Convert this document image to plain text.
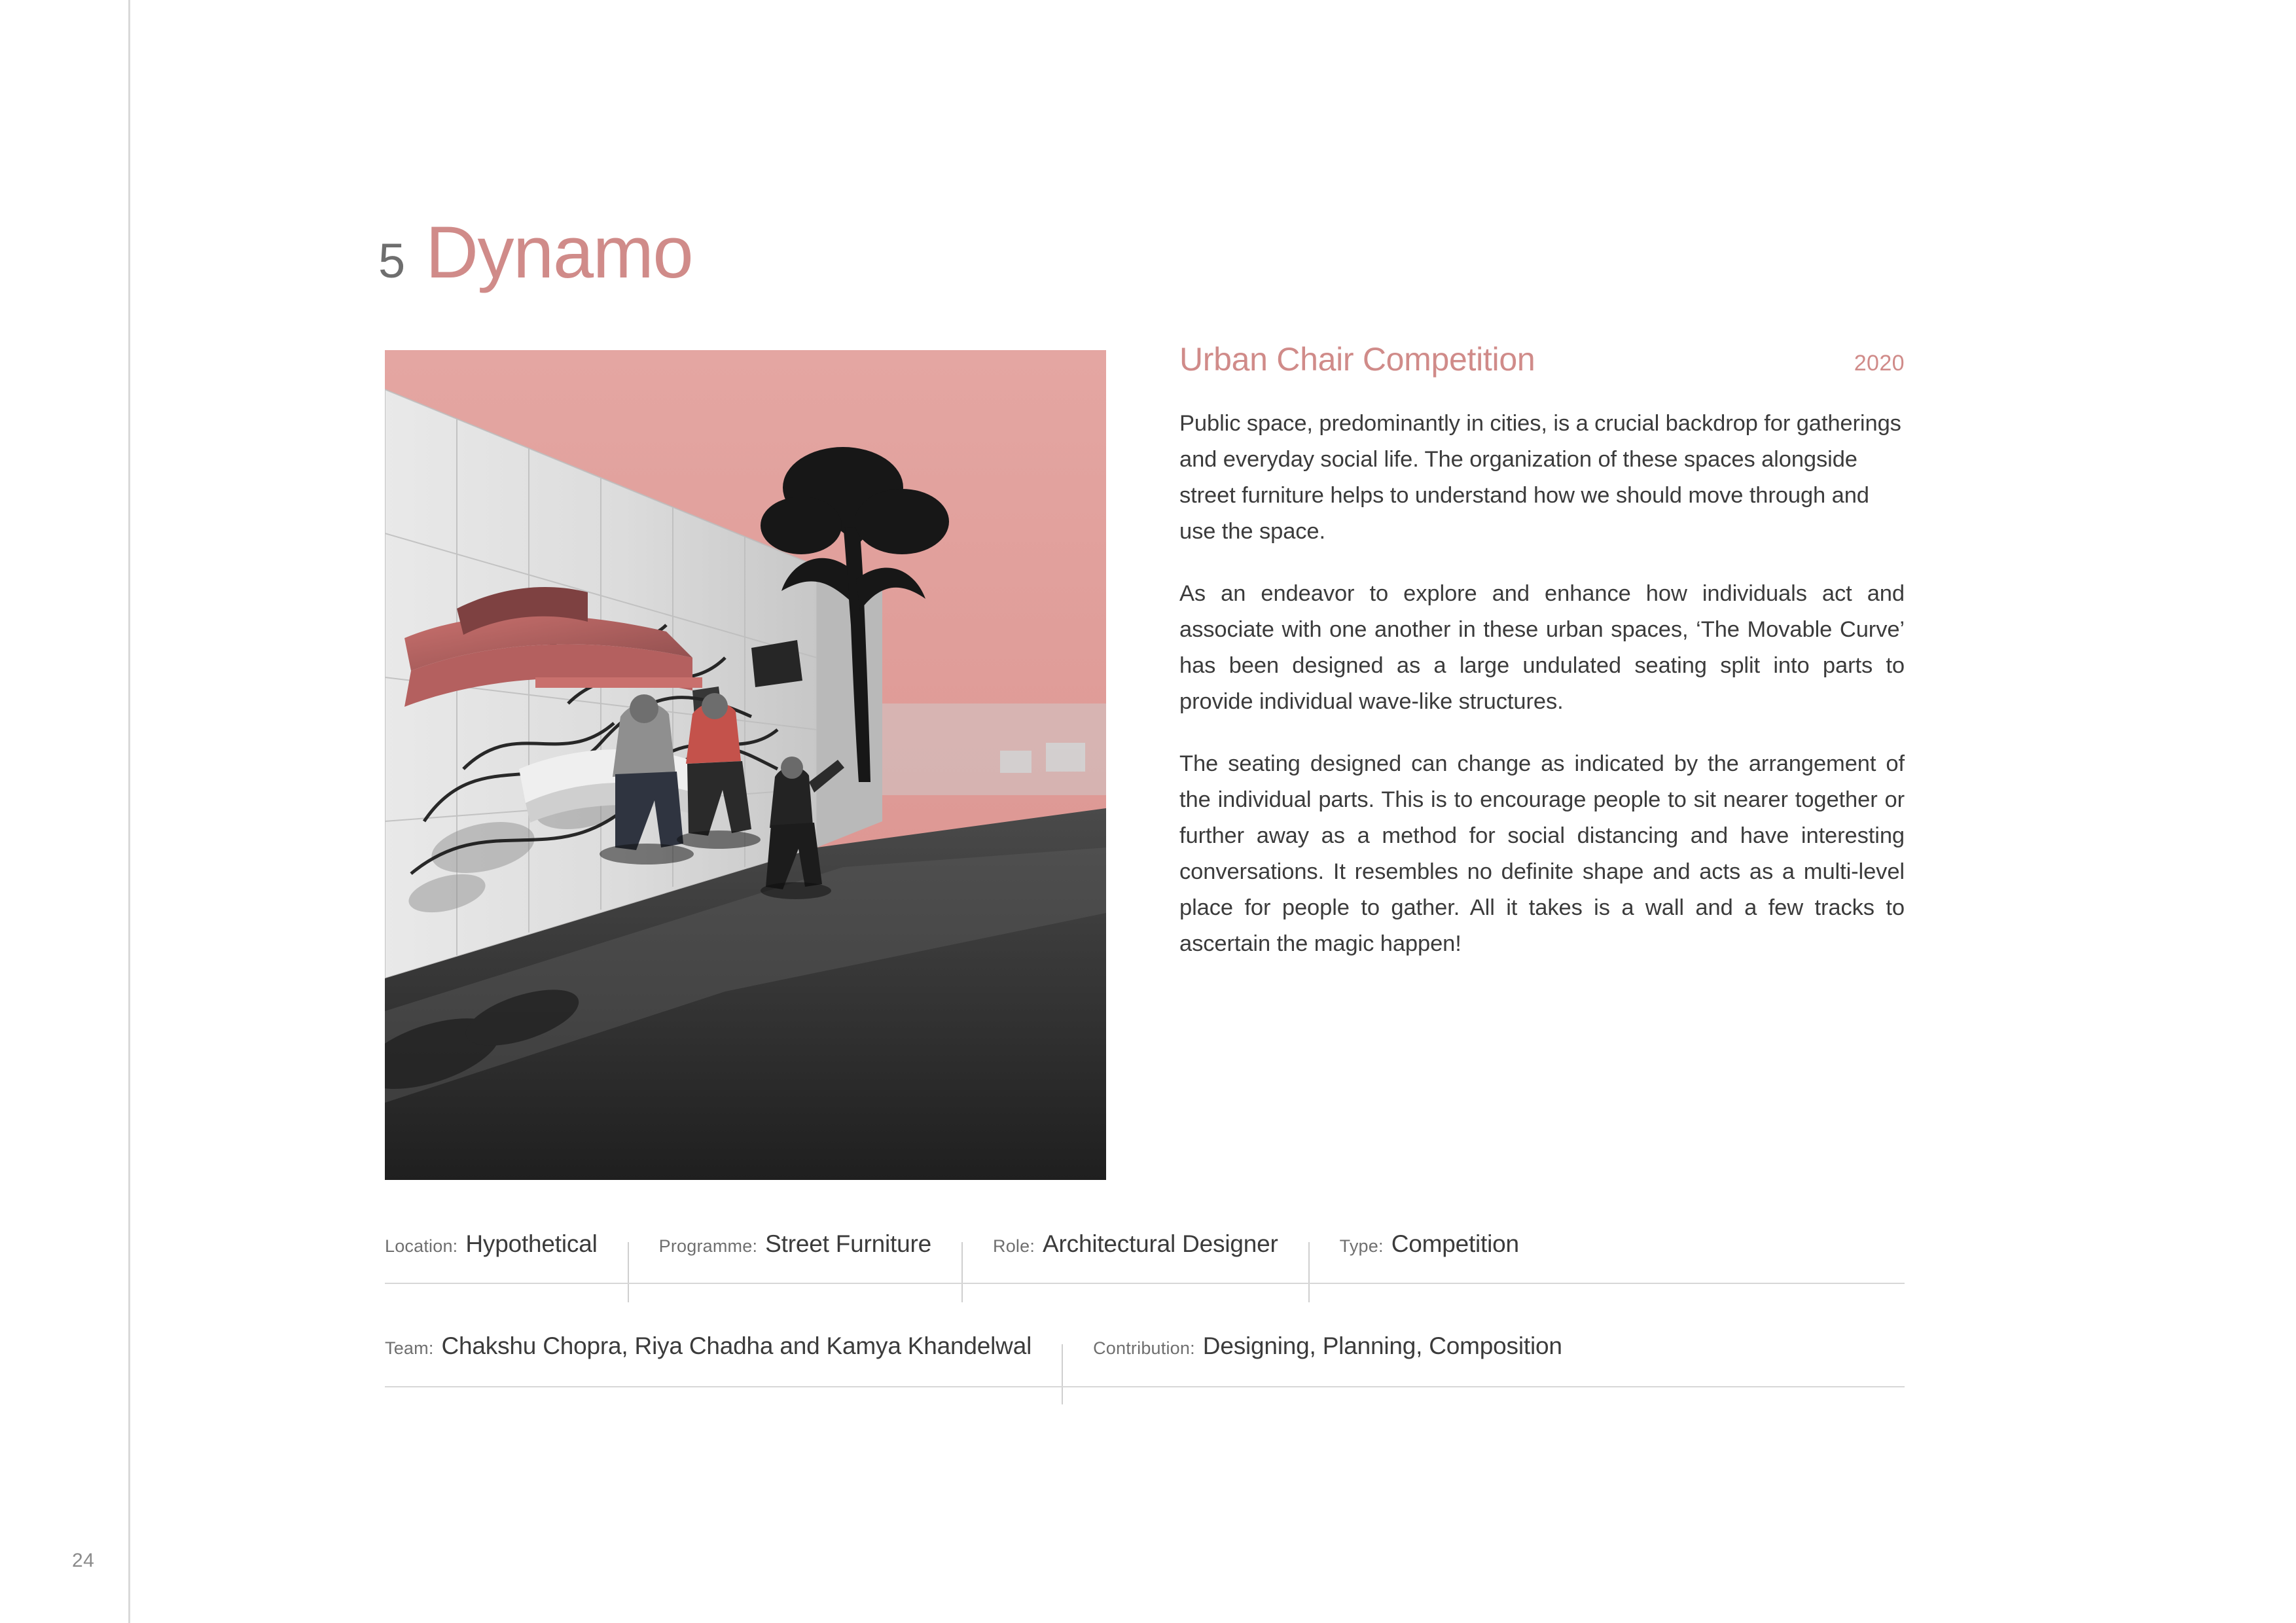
24
5 Dynamo
Urban Chair Competition	2020

Public space, predominantly in cities, is a crucial backdrop for gatherings and everyday social life. The organization of these spaces alongside street furniture helps to understand how we should move through and use the space.

As an endeavor to explore and enhance how individuals act and associate with one another in these urban spaces, ‘The Movable Curve’ has been designed as a large undulated seating split into parts to provide individual wave-like structures.

The seating designed can change as indicated by the arrangement of the individual parts. This is to encourage people to sit nearer together or further away as a method for social distancing and have interesting conversations. It resembles no definite shape and acts as a multi-level place for people to gather. All it takes is a wall and a few tracks to ascertain the magic happen!

Location: Hypothetical	Programme: Street Furniture	Role: Architectural Designer	Type: Competition
Team: Chakshu Chopra, Riya Chadha and Kamya Khandelwal	Contribution: Designing, Planning, Composition
